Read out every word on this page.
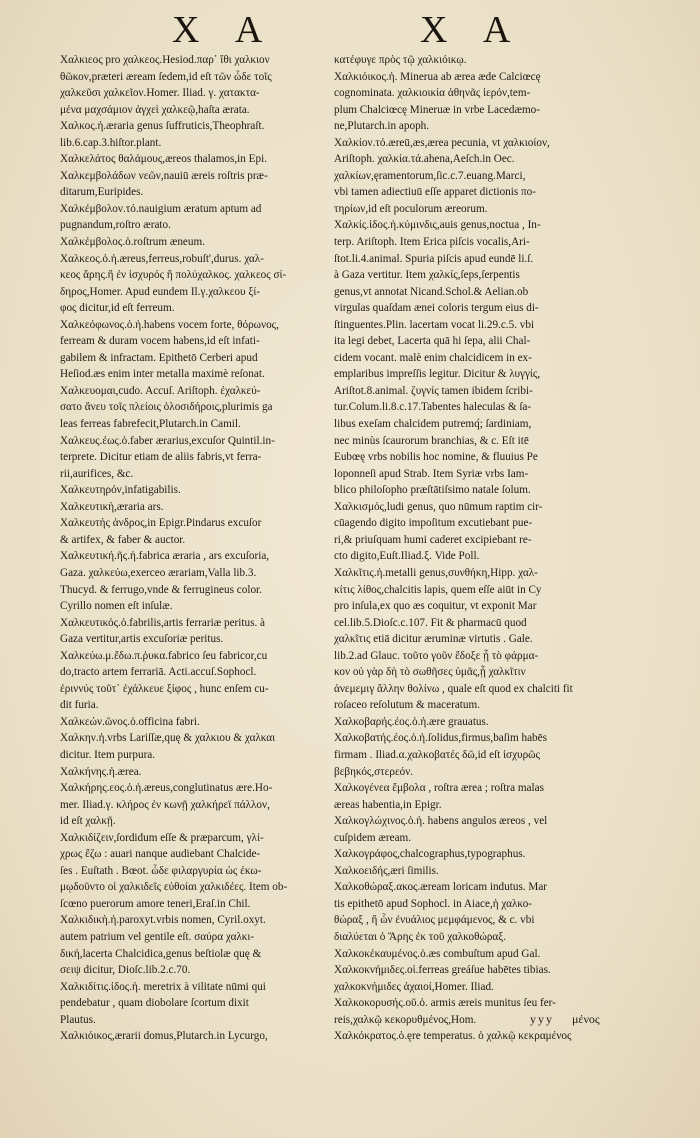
X A	X A
Χαλκιεος pro χαλκεος.Hesiod.παρ᾽ ἴθι χαλκιον
θῶκον,præteri æream ſedem,id eſt τῶν ὧδε τοῖς
χαλκεῦσι χαλκεῖον.Homer. Iliad. γ. χατακτα-
μένα μαχσάμιον ἀγχεὶ χαλκεῷ,haſta ærata.
Χαλκος.ἡ.æraria genus ſuffruticis,Theophraſt.
lib.6.cap.3.hiſtor.plant.
Χαλκελάτος θαλάμους,æreos thalamos,in Epi.
Χαλκεμβολάδων νεῶν,nauiū æreis roſtris præ-
ditarum,Euripides.
Χαλκέμβολον.τό.nauigium æratum aptum ad
pugnandum,roſtro ærato.
Χαλκέμβολος.ὁ.roſtrum æneum.
Χαλκεος.ὁ.ἡ.æreus,ferreus,robuſt',durus. χαλ-
κεος ἄρης.ἤ ἐν ἰσχυρός ἢ πολύχαλκος. χαλκεος σί-
δηρος,Homer. Apud eundem Il.γ.χαλκεου ξί-
φος dicitur,id eſt ferreum.
Χαλκεόφωνος.ὁ.ἡ.habens vocem forte, θόρωνος,
ferream & duram vocem habens,id eſt infati-
gabilem & infractam. Epithetō Cerberi apud
Heſiod.æs enim inter metalla maximè reſonat.
Χαλκευομαι,cudo. Accuſ. Ariſtoph. ἐχαλκεύ-
σατο ἄνευ τοῖς πλείοις ὁλοσιδήροις,plurimis ga
leas ferreas fabrefecit,Plutarch.in Camil.
Χαλκευς.ἐως.ὁ.faber ærarius,excuſor Quintil.in-
terprete. Dicitur etiam de aliis fabris,vt ferra-
rii,aurifices, &c.
Χαλκευτηρόν,infatigabilis.
Χαλκευτικὴ,æraria ars.
Χαλκευτής ἀνδρος,in Epigr.Pindarus excuſor
& artifex, & faber & auctor.
Χαλκευτική.ῆς.ἡ.fabrica æraria , ars excuſoria,
Gaza. χαλκεύω,exerceo ærariam,Valla lib.3.
Thucyd. & ferrugo,vnde & ferrugineus color.
Cyrillo nomen eſt inſulæ.
Χαλκευτικός.ὁ.fabrilis,artis ferrariæ peritus. à
Gaza vertitur,artis excuſoriæ peritus.
Χαλκεύω.μ.ἔδω.π.ῥυκα.fabrico ſeu fabricor,cu
do,tracto artem ferrariā. Acti.accuſ.Sophocl.
ἐριννύς τοῦτ᾽ ἐχάλκευε ξίφος , hunc enſem cu-
dit furia.
Χαλκεών.ῶνος.ὁ.officina fabri.
Χαλκην.ἡ.vrbs Lariſſæ,quę & χαλκιου & χαλκαι
dicitur. Item purpura.
Χαλκήνης.ἡ.ærea.
Χαλκήρης.εος.ὁ.ἡ.æreus,conglutinatus ære.Ho-
mer. Iliad.γ. κλήρος ἐν κωνῇ χαλκήρεϊ πάλλον,
id eſt χαλκῇ.
Χαλκιδίζειν,ſordidum eſſe & præparcum, γλί-
χρως ἔζω : auari nanque audiebant Chalcide-
ſes . Euſtath . Bœot. ὧδε φιλαργυρία ὡς ἐκω-
μῳδοῦντο οἱ χαλκιδεῖς εὐθοίαι χαλκιδέες. Item ob-
ſcœno puerorum amore teneri,Eraſ.in Chil.
Χαλκιδικὴ.ἡ.paroxyt.vrbis nomen, Cyril.oxyt.
autem patrium vel gentile eſt. σαύρα χαλκι-
δική,lacerta Chalcidica,genus beſtiolæ quę &
σειψ dicitur, Dioſc.lib.2.c.70.
Χαλκιδίτις.ἰδος.ἡ. meretrix à vilitate nūmi qui
pendebatur , quam diobolare ſcortum dixit
Plautus.
Χαλκιόικος,ærarii domus,Plutarch.in Lycurgo,
κατέφυγε πρὸς τῷ χαλκιόικῳ.
Χαλκιόικος.ἡ. Minerua ab ærea æde Calciœcę
cognominata. χαλκιοικία ἀθηνᾶς ἱερόν,tem-
plum Chalciœcę Mineruæ in vrbe Lacedæmo-
ne,Plutarch.in apoph.
Χαλκίον.τό.æreū,æs,ærea pecunia, vt χαλκιοίον,
Ariſtoph. χαλκία.τά.ahena,Aeſch.in Oec.
χαλκίων,ęramentorum,ſic.c.7.euang.Marci,
vbi tamen adiectiuū eſſe apparet dictionis πο-
τηρίων,id eſt poculorum æreorum.
Χαλκίς.ἰδος.ἡ.κύμινδις,auis genus,noctua , In-
terp. Ariſtoph. Item Erica piſcis vocalis,Ari-
ſtot.li.4.animal. Spuria piſcis apud eundē li.ſ.
à Gaza vertitur. Item χαλκίς,ſeps,ſerpentis
genus,vt annotat Nicand.Schol.& Aelian.ob
virgulas quaſdam ænei coloris tergum eius di-
ſtinguentes.Plin. lacertam vocat li.29.c.5. vbi
ita legi debet, Lacerta quā hi ſepa, alii Chal-
cidem vocant. malè enim chalcidicem in ex-
emplaribus impreſſis legitur. Dicitur & λυγγίς,
Ariſtot.8.animal. ζυγνίς tamen ibidem ſcribi-
tur.Colum.li.8.c.17.Tabentes haleculas & ſa-
libus exeſam chalcidem putremq́; ſardiniam,
nec minùs ſcaurorum branchias, & c. Eſt itē
Eubœę vrbs nobilis hoc nomine, & fluuius Pe
loponneſi apud Strab. Item Syriæ vrbs Iam-
blico philoſopho præſtātiſsimo natale ſolum.
Χαλκισμός,ludi genus, quo nūmum raptim cir-
cūagendo digito impoſitum excutiebant pue-
ri,& priuſquam humi caderet excipiebant re-
cto digito,Euſt.Iliad.ξ. Vide Poll.
Χαλκῖτις.ἡ.metalli genus,συνθήκη,Hipp. χαλ-
κίτις λίθος,chalcitis lapis, quem eſſe aiūt in Cy
pro inſula,ex quo æs coquitur, vt exponit Mar
cel.lib.5.Dioſc.c.107. Fit & pharmacū quod
χαλκῖτις etiā dicitur æruminæ virtutis . Gale.
lib.2.ad Glauc. τοῦτο γοῦν ἔδοξε ᾗ τὸ φάρμα-
κον οὐ γὰρ δὴ τὸ σωθῆσες ὑμᾶς,ᾗ χαλκῖτιν
ἀνεμεμιγ ἄλλην θολίνω , quale eſt quod ex chalciti fit
roſaceo reſolutum & maceratum.
Χαλκοβαρής.έος.ὁ.ἡ.ære grauatus.
Χαλκοβατής.έος.ὁ.ἡ.ſolidus,firmus,baſim habēs
firmam . Iliad.α.χαλκοβατές δῶ,id eſt ἰσχυρῶς
βεβηκός,στερεόν.
Χαλκογένεα ἔμβολα , roſtra ærea ; roſtra malas
æreas habentia,in Epigr.
Χαλκογλώχινος.ὁ.ἡ. habens angulos æreos , vel
cuſpidem æream.
Χαλκογράφος,chalcographus,typographus.
Χαλκοειδής,æri ſimilis.
Χαλκοθώραξ.ακος.æream loricam indutus. Mar
tis epithetō apud Sophocl. in Aiace,ἡ χαλκο-
θώραξ , ἤ ὧν ἐνυάλιος μεμφάμενος, & c. vbi
διαλύεται ὁ Ἄρης ἐκ τοῦ χαλκοθώραξ.
Χαλκοκέκαυμένος.ὁ.æs combuſtum apud Gal.
Χαλκοκνήμιδες.οἱ.ferreas greáſue habētes tibias.
χαλκοκνήμιδες ἀχαιοί,Homer. Iliad.
Χαλκοκορυσής.οῦ.ὁ. armis æreis munitus ſeu fer-
reis,χαλκῷ κεκορυθμένος,Hom.
Χαλκόκρατος.ὁ.ęre temperatus. ὁ χαλκῷ κεκραμένος
yyy μένος
